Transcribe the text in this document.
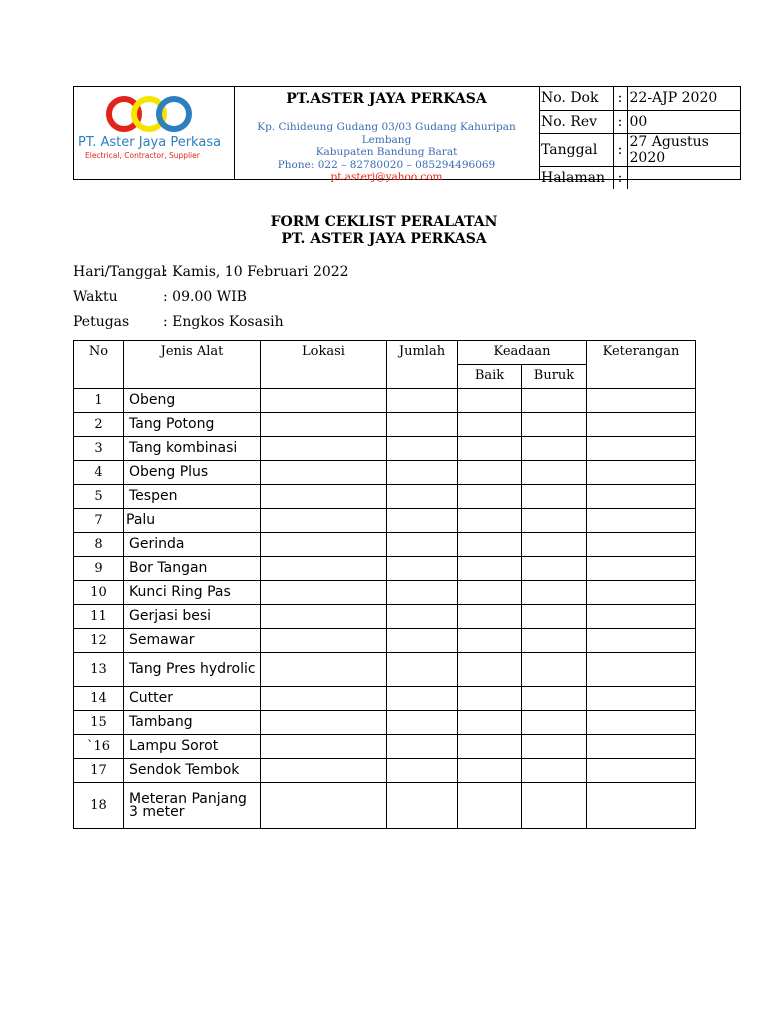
PT. Aster Jaya Perkasa
Electrical, Contractor, Supplier
PT.ASTER JAYA PERKASA
Kp. Cihideung Gudang 03/03 Gudang Kahuripan Lembang
Kabupaten Bandung Barat
Phone: 022 – 82780020 – 085294496069 pt.asterj@yahoo.com
No. Dok	:	22-AJP 2020
No. Rev	:	00
Tanggal	:	27 Agustus 2020
Halaman	:	
FORM CEKLIST PERALATAN
PT. ASTER JAYA PERKASA
Hari/Tanggal
: Kamis, 10 Februari 2022
Waktu	: 09.00 WIB
Petugas : Engkos Kosasih
No	Jenis Alat	Lokasi	Jumlah	Keadaan		Keterangan
				Baik	Buruk	
1	Obeng					
2	Tang Potong					
3	Tang kombinasi					
4	Obeng Plus					
5	Tespen					
7	Palu					
8	Gerinda					
9	Bor Tangan					
10	Kunci Ring Pas					
11	Gerjasi besi					
12	Semawar					
13	Tang Pres hydrolic					
14	Cutter					
15	Tambang					
`16	Lampu Sorot					
17	Sendok Tembok					
18	Meteran Panjang 3 meter					
